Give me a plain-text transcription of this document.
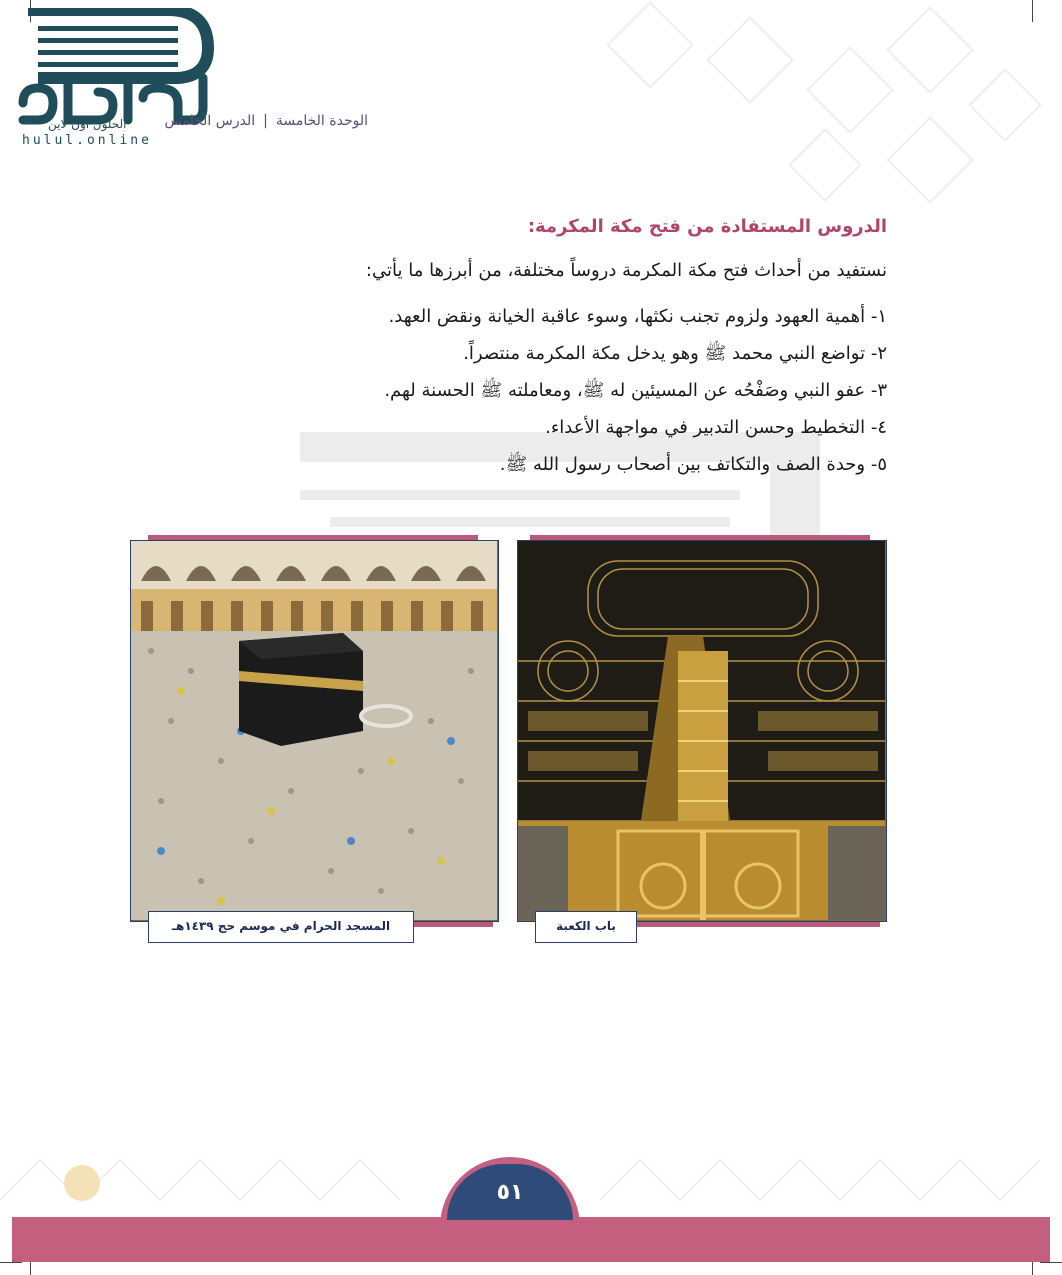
الحلول اون لاين
hulul.online
الوحدة الخامسة|الدرس الخامس
الدروس المستفادة من فتح مكة المكرمة:
نستفيد من أحداث فتح مكة المكرمة دروساً مختلفة، من أبرزها ما يأتي:
١- أهمية العهود ولزوم تجنب نكثها، وسوء عاقبة الخيانة ونقض العهد.
٢- تواضع النبي محمد ﷺ وهو يدخل مكة المكرمة منتصراً.
٣- عفو النبي وصَفْحُه عن المسيئين له ﷺ، ومعاملته ﷺ الحسنة لهم.
٤- التخطيط وحسن التدبير في مواجهة الأعداء.
٥- وحدة الصف والتكاتف بين أصحاب رسول الله ﷺ.
المسجد الحرام في موسم حج ١٤٣٩هـ	باب الكعبة
٥١
